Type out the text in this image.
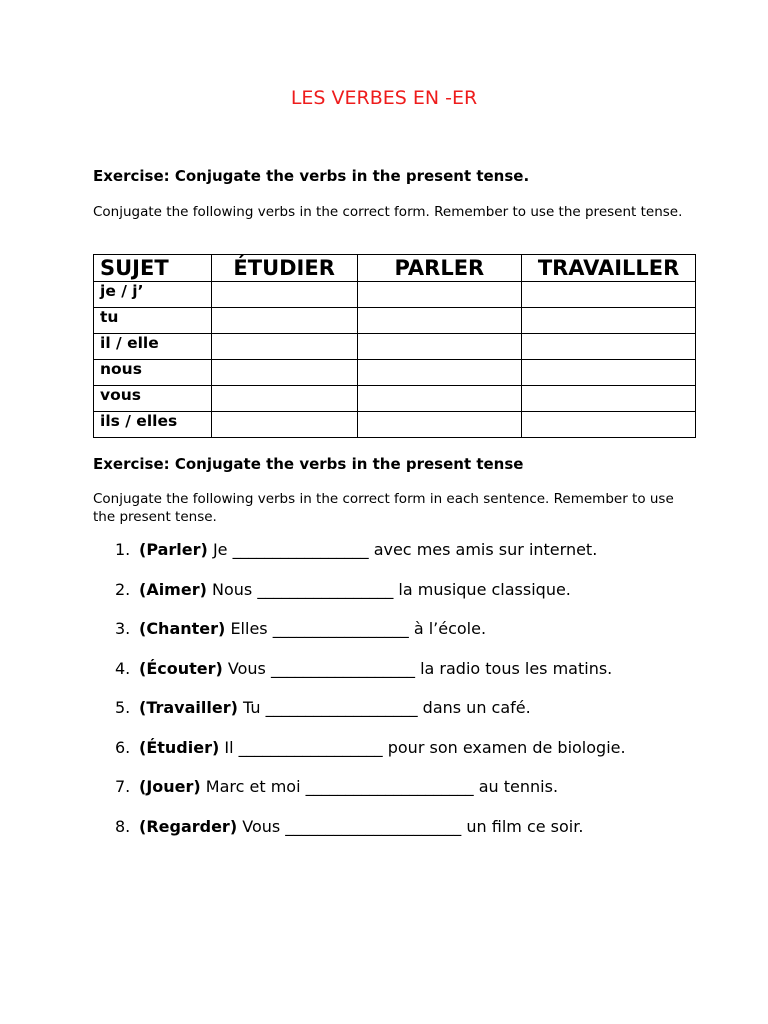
LES VERBES EN -ER
Exercise: Conjugate the verbs in the present tense.
Conjugate the following verbs in the correct form. Remember to use the present tense.
SUJET	ÉTUDIER	PARLER	TRAVAILLER
je / j’			
tu			
il / elle			
nous			
vous			
ils / elles			
Exercise: Conjugate the verbs in the present tense
Conjugate the following verbs in the correct form in each sentence. Remember to use the present tense.
1. (Parler) Je _________________ avec mes amis sur internet.
2. (Aimer) Nous _________________ la musique classique.
3. (Chanter) Elles _________________ à l’école.
4. (Écouter) Vous __________________ la radio tous les matins.
5. (Travailler) Tu ___________________ dans un café.
6. (Étudier) Il __________________ pour son examen de biologie.
7. (Jouer) Marc et moi _____________________ au tennis.
8. (Regarder) Vous ______________________ un film ce soir.
